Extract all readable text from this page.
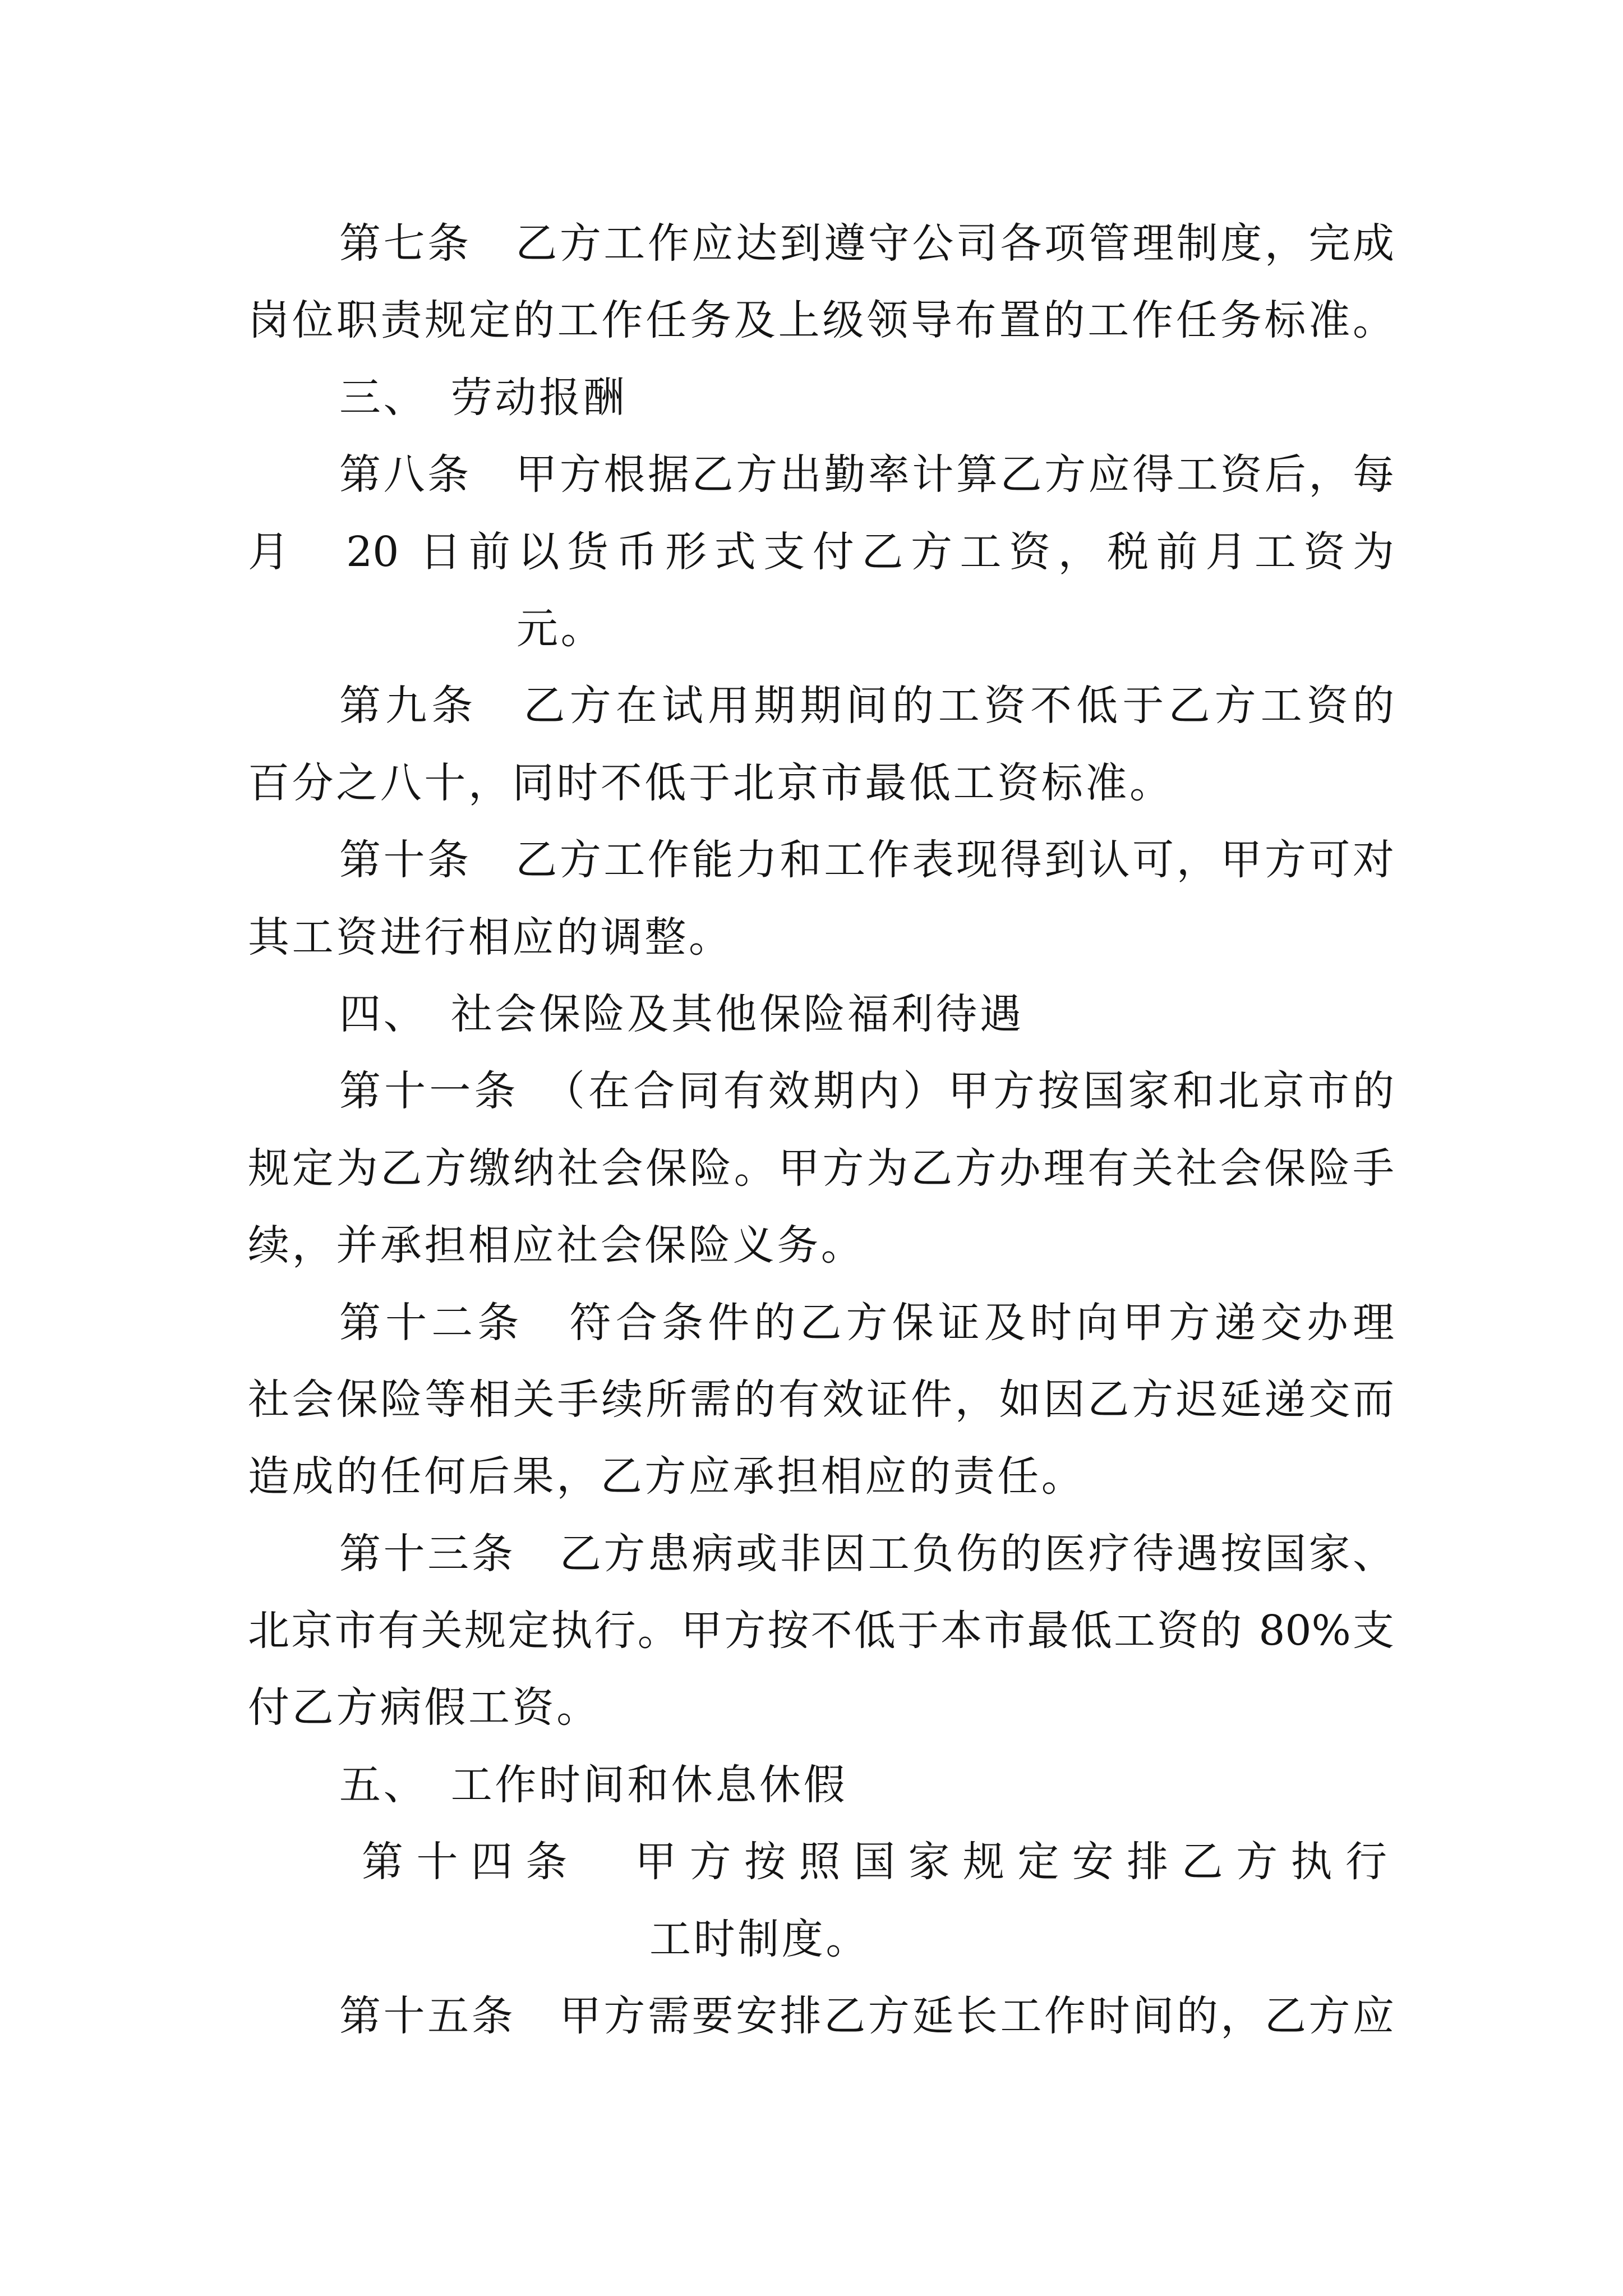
第七条　乙方工作应达到遵守公司各项管理制度，完成
岗位职责规定的工作任务及上级领导布置的工作任务标准。
三、　劳动报酬
第八条　甲方根据乙方出勤率计算乙方应得工资后，每
月　20 日前以货币形式支付乙方工资，税前月工资为
元。
第九条　乙方在试用期期间的工资不低于乙方工资的
百分之八十，同时不低于北京市最低工资标准。
第十条　乙方工作能力和工作表现得到认可，甲方可对
其工资进行相应的调整。
四、　社会保险及其他保险福利待遇
第十一条　（在合同有效期内）甲方按国家和北京市的
规定为乙方缴纳社会保险。甲方为乙方办理有关社会保险手
续，并承担相应社会保险义务。
第十二条　符合条件的乙方保证及时向甲方递交办理
社会保险等相关手续所需的有效证件，如因乙方迟延递交而
造成的任何后果，乙方应承担相应的责任。
第十三条　乙方患病或非因工负伤的医疗待遇按国家、
北京市有关规定执行。甲方按不低于本市最低工资的 80%支
付乙方病假工资。
五、　工作时间和休息休假
第十四条　甲方按照国家规定安排乙方执行
工时制度。
第十五条　甲方需要安排乙方延长工作时间的，乙方应
